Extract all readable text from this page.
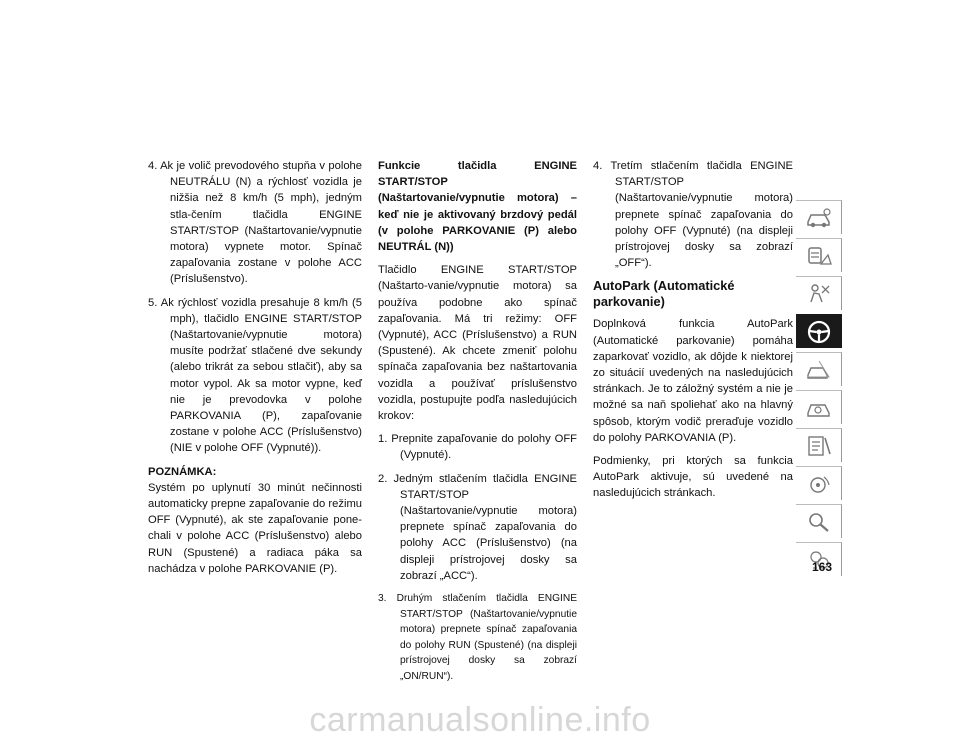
4. Ak je volič prevodového stupňa v polohe NEUTRÁLU (N) a rýchlosť vozidla je nižšia než 8 km/h (5 mph), jedným stla-čením tlačidla ENGINE START/STOP (Naštartovanie/vypnutie motora) vypnete motor. Spínač zapaľovania zostane v polohe ACC (Príslušenstvo).

5. Ak rýchlosť vozidla presahuje 8 km/h (5 mph), tlačidlo ENGINE START/STOP (Naštartovanie/vypnutie motora) musíte podržať stlačené dve sekundy (alebo trikrát za sebou stlačiť), aby sa motor vypol. Ak sa motor vypne, keď nie je prevodovka v polohe PARKOVANIA (P), zapaľovanie zostane v polohe ACC (Príslušenstvo) (NIE v polohe OFF (Vypnuté)).

POZNÁMKA:

Systém po uplynutí 30 minút nečinnosti automaticky prepne zapaľovanie do režimu OFF (Vypnuté), ak ste zapaľovanie pone-chali v polohe ACC (Príslušenstvo) alebo RUN (Spustené) a radiaca páka sa nachádza v polohe PARKOVANIE (P).

Funkcie tlačidla ENGINE START/STOP (Naštartovanie/vypnutie motora) – keď nie je aktivovaný brzdový pedál (v polohe PARKOVANIE (P) alebo NEUTRÁL (N))

Tlačidlo ENGINE START/STOP (Naštarto-vanie/vypnutie motora) sa používa podobne ako spínač zapaľovania. Má tri režimy: OFF (Vypnuté), ACC (Príslušenstvo) a RUN (Spustené). Ak chcete zmeniť polohu spínača zapaľovania bez naštartovania vozidla a používať príslušenstvo vozidla, postupujte podľa nasledujúcich krokov:

1. Prepnite zapaľovanie do polohy OFF (Vypnuté).

2. Jedným stlačením tlačidla ENGINE START/STOP (Naštartovanie/vypnutie motora) prepnete spínač zapaľovania do polohy ACC (Príslušenstvo) (na displeji prístrojovej dosky sa zobrazí „ACC“).

3. Druhým stlačením tlačidla ENGINE START/STOP (Naštartovanie/vypnutie motora) prepnete spínač zapaľovania do polohy RUN (Spustené) (na displeji prístrojovej dosky sa zobrazí „ON/RUN“).

4. Tretím stlačením tlačidla ENGINE START/STOP (Naštartovanie/vypnutie motora) prepnete spínač zapaľovania do polohy OFF (Vypnuté) (na displeji prístrojovej dosky sa zobrazí „OFF“).

AutoPark (Automatické parkovanie)

Doplnková funkcia AutoPark (Automatické parkovanie) pomáha zaparkovať vozidlo, ak dôjde k niektorej zo situácií uvedených na nasledujúcich stránkach. Je to záložný systém a nie je možné sa naň spoliehať ako na hlavný spôsob, ktorým vodič preraďuje vozidlo do polohy PARKOVANIA (P).

Podmienky, pri ktorých sa funkcia AutoPark aktivuje, sú uvedené na nasledujúcich stránkach.

163
carmanualsonline.info
